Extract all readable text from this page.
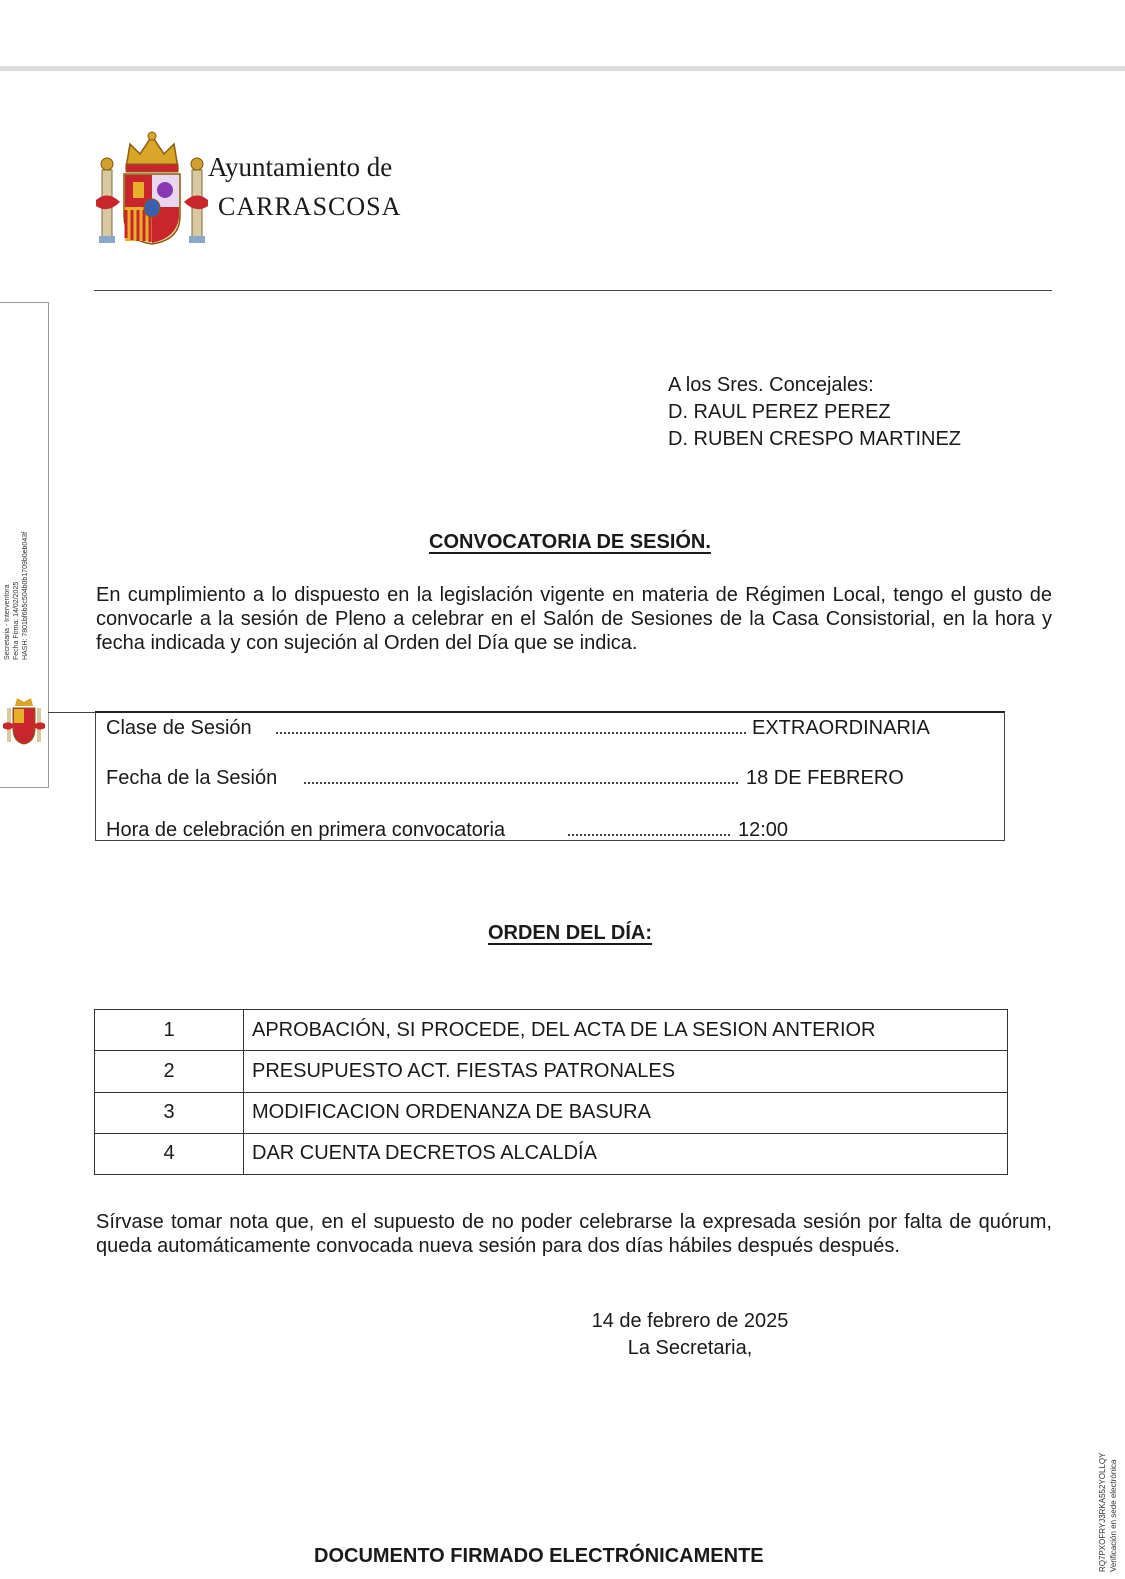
Ayuntamiento de
CARRASCOSA
Secretaria - Interventora Fecha Firma: 14/02/2025 HASH: 7801bf6b5c504b0b1709b0eb043f
A los Sres. Concejales:
D. RAUL PEREZ PEREZ
D. RUBEN CRESPO MARTINEZ
CONVOCATORIA DE SESIÓN.
En cumplimiento a lo dispuesto en la legislación vigente en materia de Régimen Local, tengo el gusto de convocarle a la sesión de Pleno a celebrar en el Salón de Sesiones de la Casa Consistorial, en la hora y fecha indicada y con sujeción al Orden del Día que se indica.
Clase de Sesión	EXTRAORDINARIA
Fecha de la Sesión	18 DE FEBRERO
Hora de celebración en primera convocatoria	12:00
ORDEN DEL DÍA:
1	APROBACIÓN, SI PROCEDE, DEL ACTA DE LA SESION ANTERIOR
2	PRESUPUESTO ACT. FIESTAS PATRONALES
3	MODIFICACION ORDENANZA DE BASURA
4	DAR CUENTA DECRETOS ALCALDÍA
Sírvase tomar nota que, en el supuesto de no poder celebrarse la expresada sesión por falta de quórum, queda automáticamente convocada nueva sesión para dos días hábiles después después.
14 de febrero de 2025
La Secretaria,
DOCUMENTO FIRMADO ELECTRÓNICAMENTE	RQ7PXOFRYJ3RKA552YOLLQY Verificación en sede electrónica
